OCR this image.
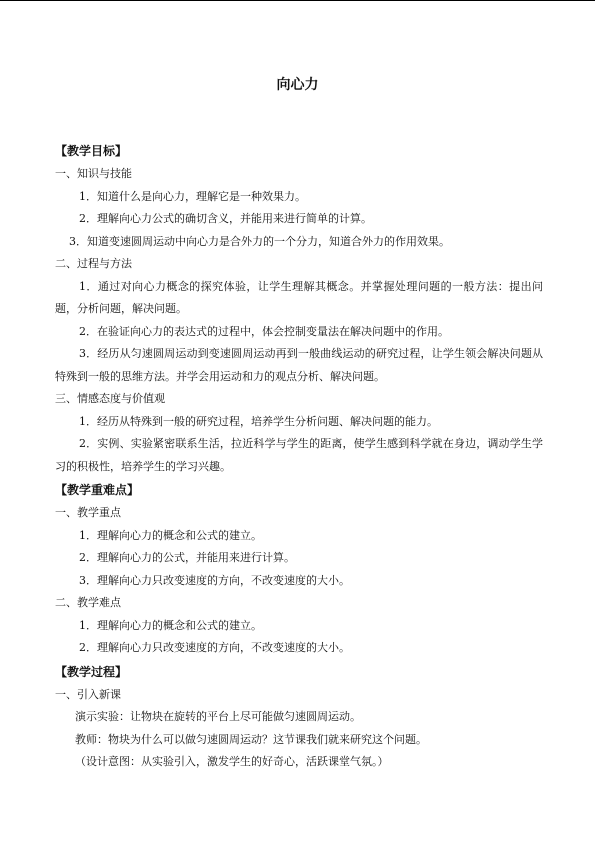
向心力
【教学目标】
一、知识与技能
1．知道什么是向心力，理解它是一种效果力。
2．理解向心力公式的确切含义，并能用来进行简单的计算。
3．知道变速圆周运动中向心力是合外力的一个分力，知道合外力的作用效果。
二、过程与方法
1．通过对向心力概念的探究体验，让学生理解其概念。并掌握处理问题的一般方法：提出问题，分析问题，解决问题。
2．在验证向心力的表达式的过程中，体会控制变量法在解决问题中的作用。
3．经历从匀速圆周运动到变速圆周运动再到一般曲线运动的研究过程，让学生领会解决问题从特殊到一般的思维方法。并学会用运动和力的观点分析、解决问题。
三、情感态度与价值观
1．经历从特殊到一般的研究过程，培养学生分析问题、解决问题的能力。
2．实例、实验紧密联系生活，拉近科学与学生的距离，使学生感到科学就在身边，调动学生学习的积极性，培养学生的学习兴趣。
【教学重难点】
一、教学重点
1．理解向心力的概念和公式的建立。
2．理解向心力的公式，并能用来进行计算。
3．理解向心力只改变速度的方向，不改变速度的大小。
二、教学难点
1．理解向心力的概念和公式的建立。
2．理解向心力只改变速度的方向，不改变速度的大小。
【教学过程】
一、引入新课
演示实验：让物块在旋转的平台上尽可能做匀速圆周运动。
教师：物块为什么可以做匀速圆周运动？这节课我们就来研究这个问题。
（设计意图：从实验引入，激发学生的好奇心，活跃课堂气氛。）
